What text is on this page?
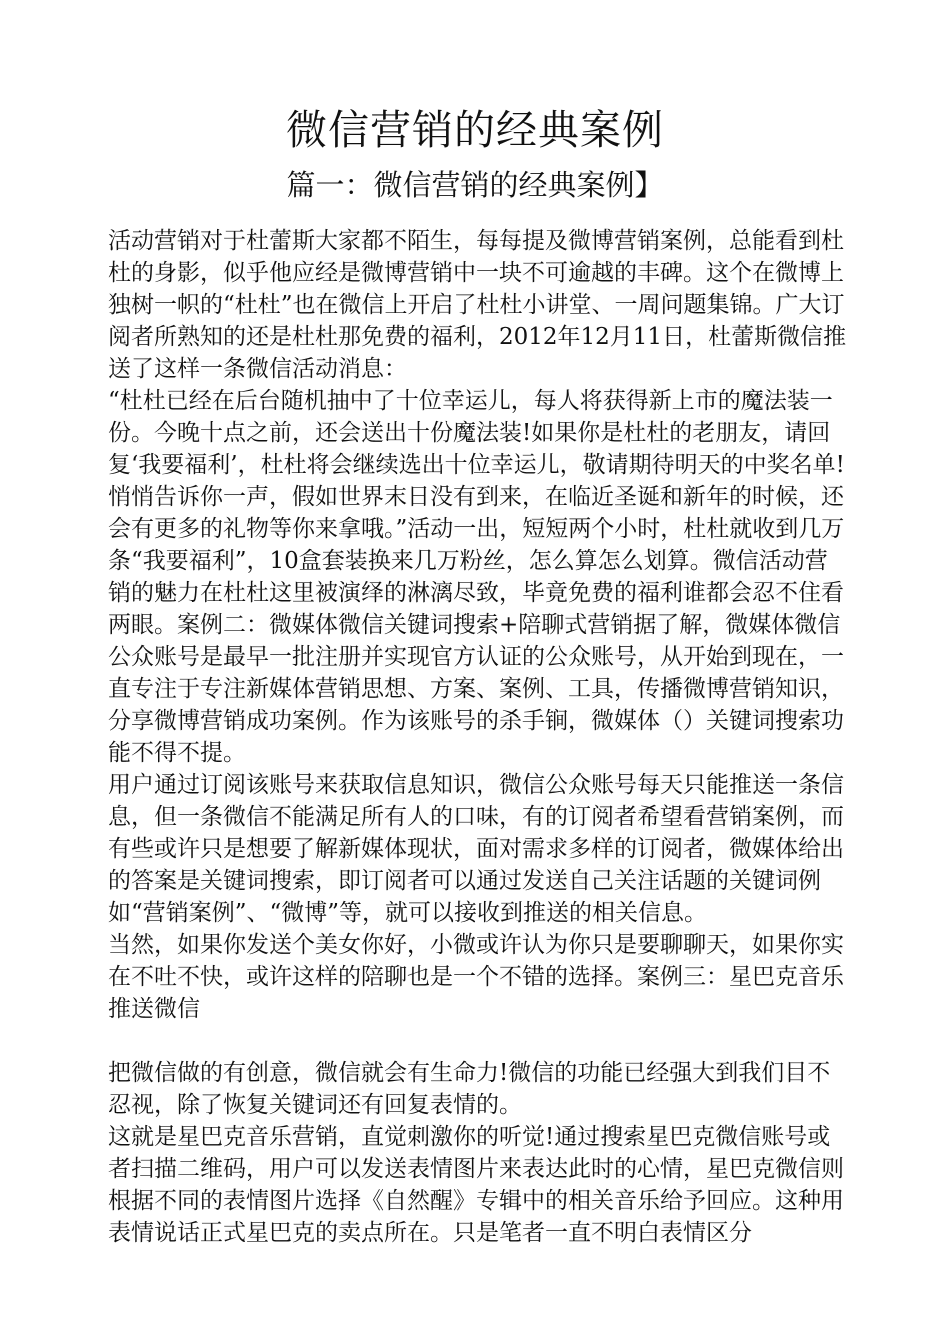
微信营销的经典案例
篇一：微信营销的经典案例】

活动营销对于杜蕾斯大家都不陌生，每每提及微博营销案例，总能看到杜杜的身影，似乎他应经是微博营销中一块不可逾越的丰碑。这个在微博上独树一帜的“杜杜”也在微信上开启了杜杜小讲堂、一周问题集锦。广大订阅者所熟知的还是杜杜那免费的福利，2012年12月11日，杜蕾斯微信推送了这样一条微信活动消息：

“杜杜已经在后台随机抽中了十位幸运儿，每人将获得新上市的魔法装一份。今晚十点之前，还会送出十份魔法装!如果你是杜杜的老朋友，请回复‘我要福利’，杜杜将会继续选出十位幸运儿，敬请期待明天的中奖名单!悄悄告诉你一声，假如世界末日没有到来，在临近圣诞和新年的时候，还会有更多的礼物等你来拿哦。”活动一出，短短两个小时，杜杜就收到几万条“我要福利”，10盒套装换来几万粉丝，怎么算怎么划算。微信活动营销的魅力在杜杜这里被演绎的淋漓尽致，毕竟免费的福利谁都会忍不住看两眼。案例二：微媒体微信关键词搜索+陪聊式营销据了解，微媒体微信公众账号是最早一批注册并实现官方认证的公众账号，从开始到现在，一直专注于专注新媒体营销思想、方案、案例、工具，传播微博营销知识，分享微博营销成功案例。作为该账号的杀手锏，微媒体（）关键词搜索功能不得不提。

用户通过订阅该账号来获取信息知识，微信公众账号每天只能推送一条信息，但一条微信不能满足所有人的口味，有的订阅者希望看营销案例，而有些或许只是想要了解新媒体现状，面对需求多样的订阅者，微媒体给出的答案是关键词搜索，即订阅者可以通过发送自己关注话题的关键词例如“营销案例”、“微博”等，就可以接收到推送的相关信息。

当然，如果你发送个美女你好，小微或许认为你只是要聊聊天，如果你实在不吐不快，或许这样的陪聊也是一个不错的选择。案例三：星巴克音乐推送微信

把微信做的有创意，微信就会有生命力!微信的功能已经强大到我们目不忍视，除了恢复关键词还有回复表情的。

这就是星巴克音乐营销，直觉刺激你的听觉!通过搜索星巴克微信账号或者扫描二维码，用户可以发送表情图片来表达此时的心情，星巴克微信则根据不同的表情图片选择《自然醒》专辑中的相关音乐给予回应。这种用表情说话正式星巴克的卖点所在。只是笔者一直不明白表情区分
